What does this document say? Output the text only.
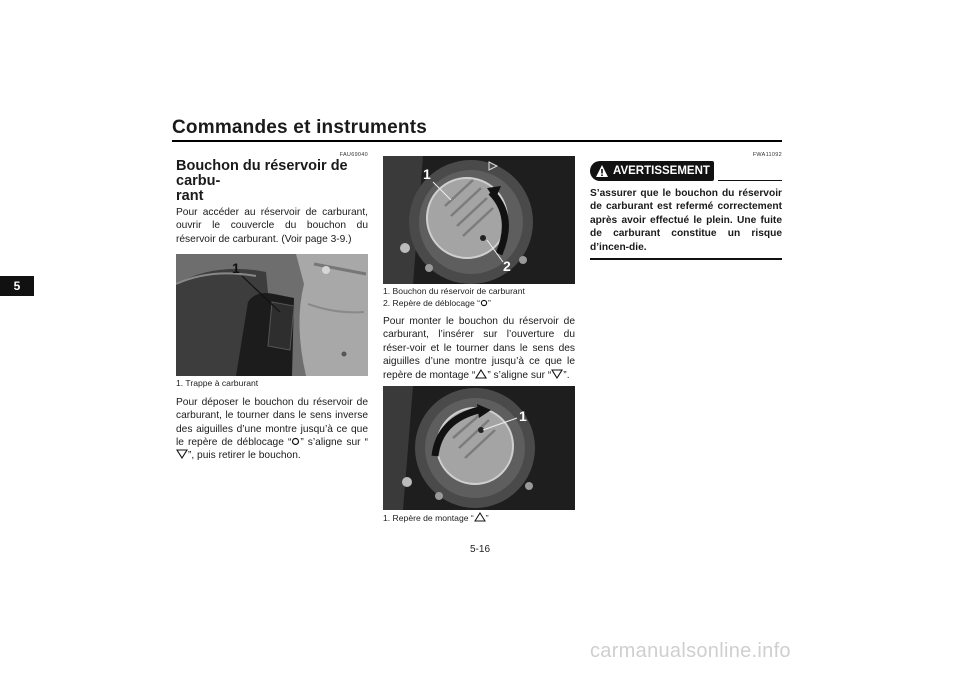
Commandes et instruments
5
FAU69040
Bouchon du réservoir de carbu-
rant

Pour accéder au réservoir de carburant, ouvrir le couvercle du bouchon du réservoir de carburant. (Voir page 3-9.)

1
1. Trappe à carburant

Pour déposer le bouchon du réservoir de carburant, le tourner dans le sens inverse des aiguilles d’une montre jusqu’à ce que le repère de déblocage “ ” s’aligne sur “”, puis retirer le bouchon.

1
2
1. Bouchon du réservoir de carburant
2. Repère de déblocage “ ”

Pour monter le bouchon du réservoir de carburant, l’insérer sur l’ouverture du réser-voir et le tourner dans le sens des aiguilles d’une montre jusqu’à ce que le repère de montage “ ” s’aligne sur “ ”.

1
1. Repère de montage “ ”
FWA11092
AVERTISSEMENT
S’assurer que le bouchon du réservoir de carburant est refermé correctement après avoir effectué le plein. Une fuite de carburant constitue un risque d’incen-die.
5-16
carmanualsonline.info
